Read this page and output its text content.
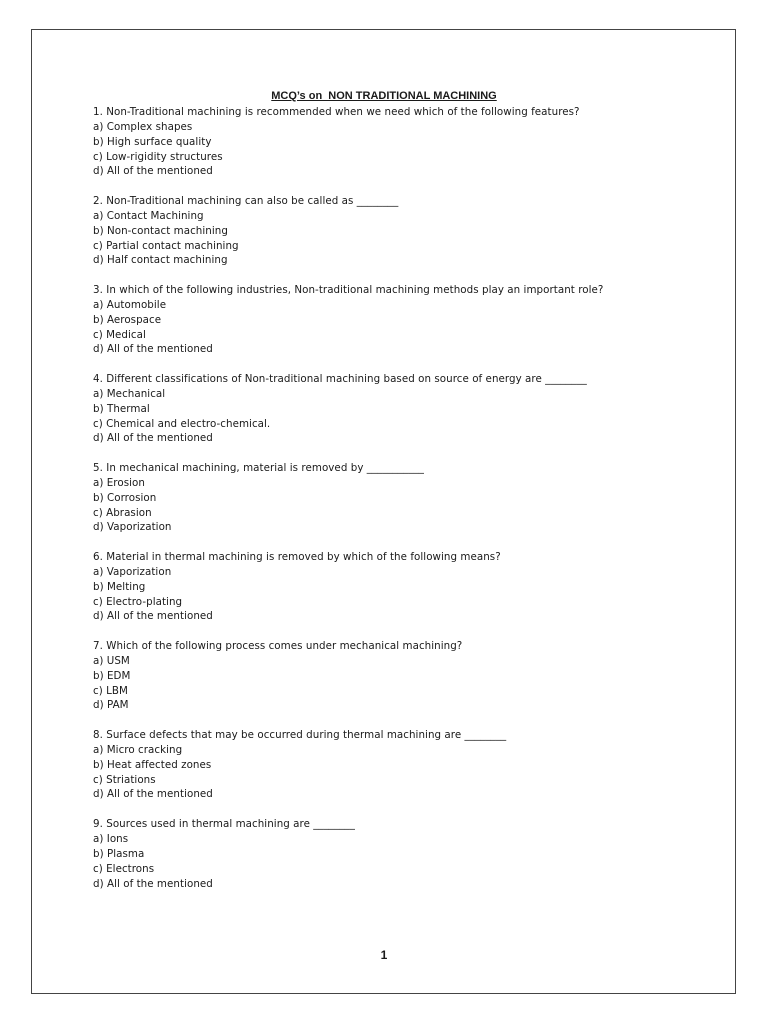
MCQ’s on  NON TRADITIONAL MACHINING
1. Non-Traditional machining is recommended when we need which of the following features?
a) Complex shapes
b) High surface quality
c) Low-rigidity structures
d) All of the mentioned
2. Non-Traditional machining can also be called as ________
a) Contact Machining
b) Non-contact machining
c) Partial contact machining
d) Half contact machining
3. In which of the following industries, Non-traditional machining methods play an important role?
a) Automobile
b) Aerospace
c) Medical
d) All of the mentioned
4. Different classifications of Non-traditional machining based on source of energy are ________
a) Mechanical
b) Thermal
c) Chemical and electro-chemical.
d) All of the mentioned
5. In mechanical machining, material is removed by ___________
a) Erosion
b) Corrosion
c) Abrasion
d) Vaporization
6. Material in thermal machining is removed by which of the following means?
a) Vaporization
b) Melting
c) Electro-plating
d) All of the mentioned
7. Which of the following process comes under mechanical machining?
a) USM
b) EDM
c) LBM
d) PAM
8. Surface defects that may be occurred during thermal machining are ________
a) Micro cracking
b) Heat affected zones
c) Striations
d) All of the mentioned
9. Sources used in thermal machining are ________
a) Ions
b) Plasma
c) Electrons
d) All of the mentioned
1
